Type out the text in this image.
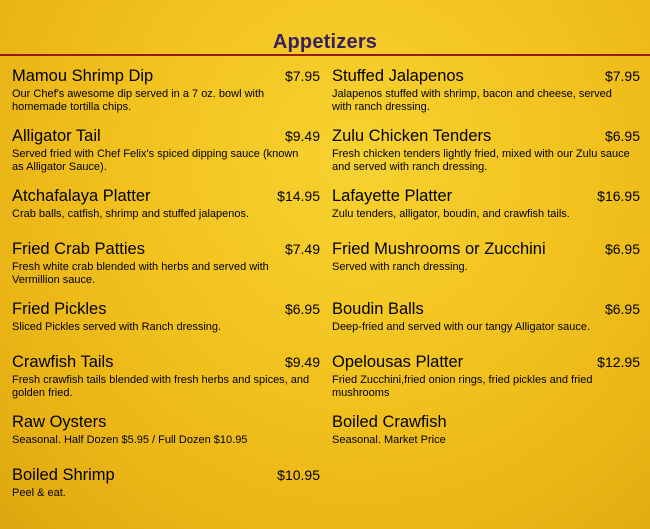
Appetizers
Mamou Shrimp Dip	$7.95
Our Chef's awesome dip served in a 7 oz. bowl with homemade tortilla chips.
Alligator Tail	$9.49
Served fried with Chef Felix's spiced dipping sauce (known as Alligator Sauce).
Atchafalaya Platter	$14.95
Crab balls, catfish, shrimp and stuffed jalapenos.
Fried Crab Patties	$7.49
Fresh white crab blended with herbs and served with Vermillion sauce.
Fried Pickles	$6.95
Sliced Pickles served with Ranch dressing.
Crawfish Tails	$9.49
Fresh crawfish tails blended with fresh herbs and spices, and golden fried.
Raw Oysters
Seasonal. Half Dozen $5.95 / Full Dozen $10.95
Boiled Shrimp	$10.95
Peel & eat.
Stuffed Jalapenos	$7.95
Jalapenos stuffed with shrimp, bacon and cheese, served with ranch dressing.
Zulu Chicken Tenders	$6.95
Fresh chicken tenders lightly fried, mixed with our Zulu sauce and served with ranch dressing.
Lafayette Platter	$16.95
Zulu tenders, alligator, boudin, and crawfish tails.
Fried Mushrooms or Zucchini	$6.95
Served with ranch dressing.
Boudin Balls	$6.95
Deep-fried and served with our tangy Alligator sauce.
Opelousas Platter	$12.95
Fried Zucchini,fried onion rings, fried pickles and fried mushrooms
Boiled Crawfish
Seasonal. Market Price
